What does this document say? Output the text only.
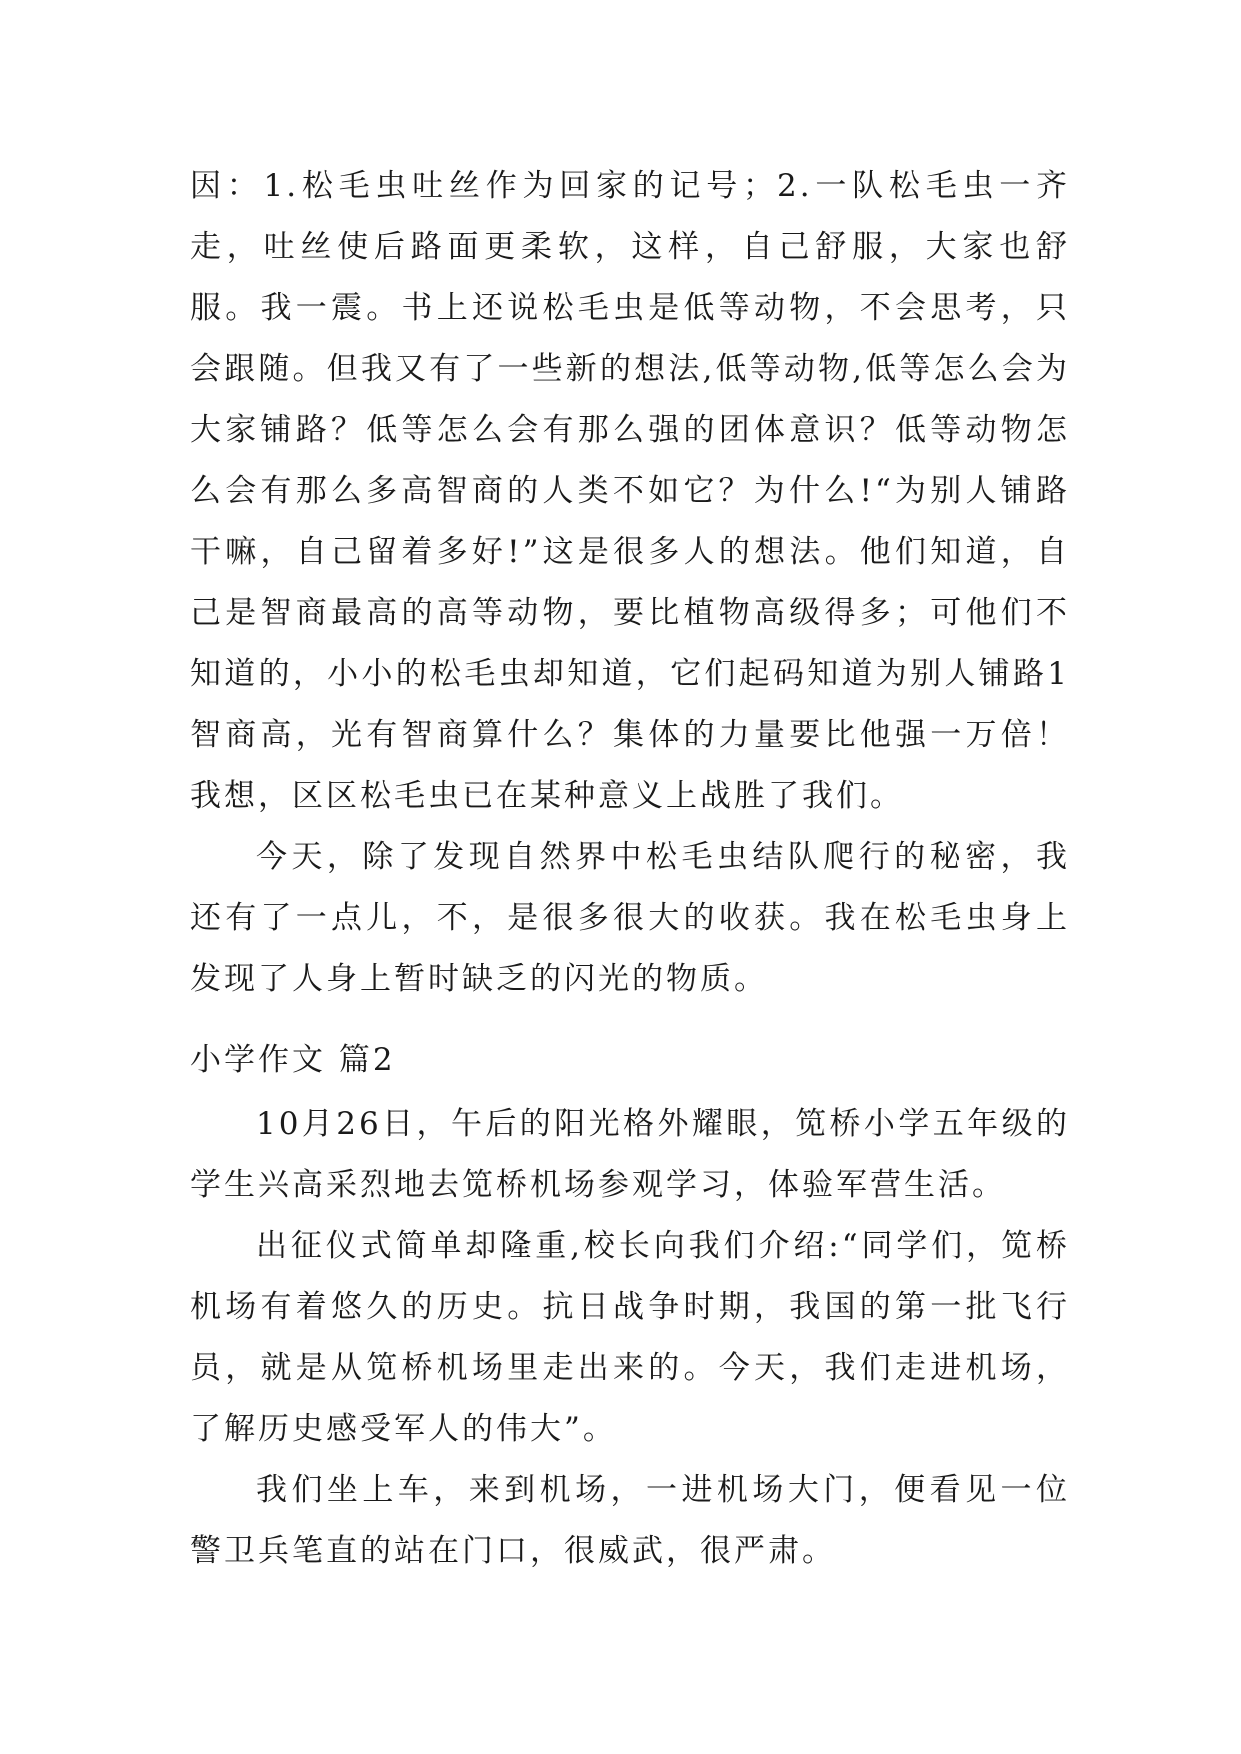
因：1.松毛虫吐丝作为回家的记号；2.一队松毛虫一齐走，吐丝使后路面更柔软，这样，自己舒服，大家也舒服。我一震。书上还说松毛虫是低等动物，不会思考，只会跟随。但我又有了一些新的想法,低等动物,低等怎么会为大家铺路？低等怎么会有那么强的团体意识？低等动物怎么会有那么多高智商的人类不如它？为什么!“为别人铺路干嘛，自己留着多好!”这是很多人的想法。他们知道，自己是智商最高的高等动物，要比植物高级得多；可他们不知道的，小小的松毛虫却知道，它们起码知道为别人铺路1智商高，光有智商算什么？集体的力量要比他强一万倍！我想，区区松毛虫已在某种意义上战胜了我们。

今天，除了发现自然界中松毛虫结队爬行的秘密，我还有了一点儿，不，是很多很大的收获。我在松毛虫身上发现了人身上暂时缺乏的闪光的物质。

小学作文 篇2

10月26日，午后的阳光格外耀眼，笕桥小学五年级的学生兴高采烈地去笕桥机场参观学习，体验军营生活。

出征仪式简单却隆重,校长向我们介绍:“同学们，笕桥机场有着悠久的历史。抗日战争时期，我国的第一批飞行员，就是从笕桥机场里走出来的。今天，我们走进机场，了解历史感受军人的伟大”。

我们坐上车，来到机场，一进机场大门，便看见一位警卫兵笔直的站在门口，很威武，很严肃。
